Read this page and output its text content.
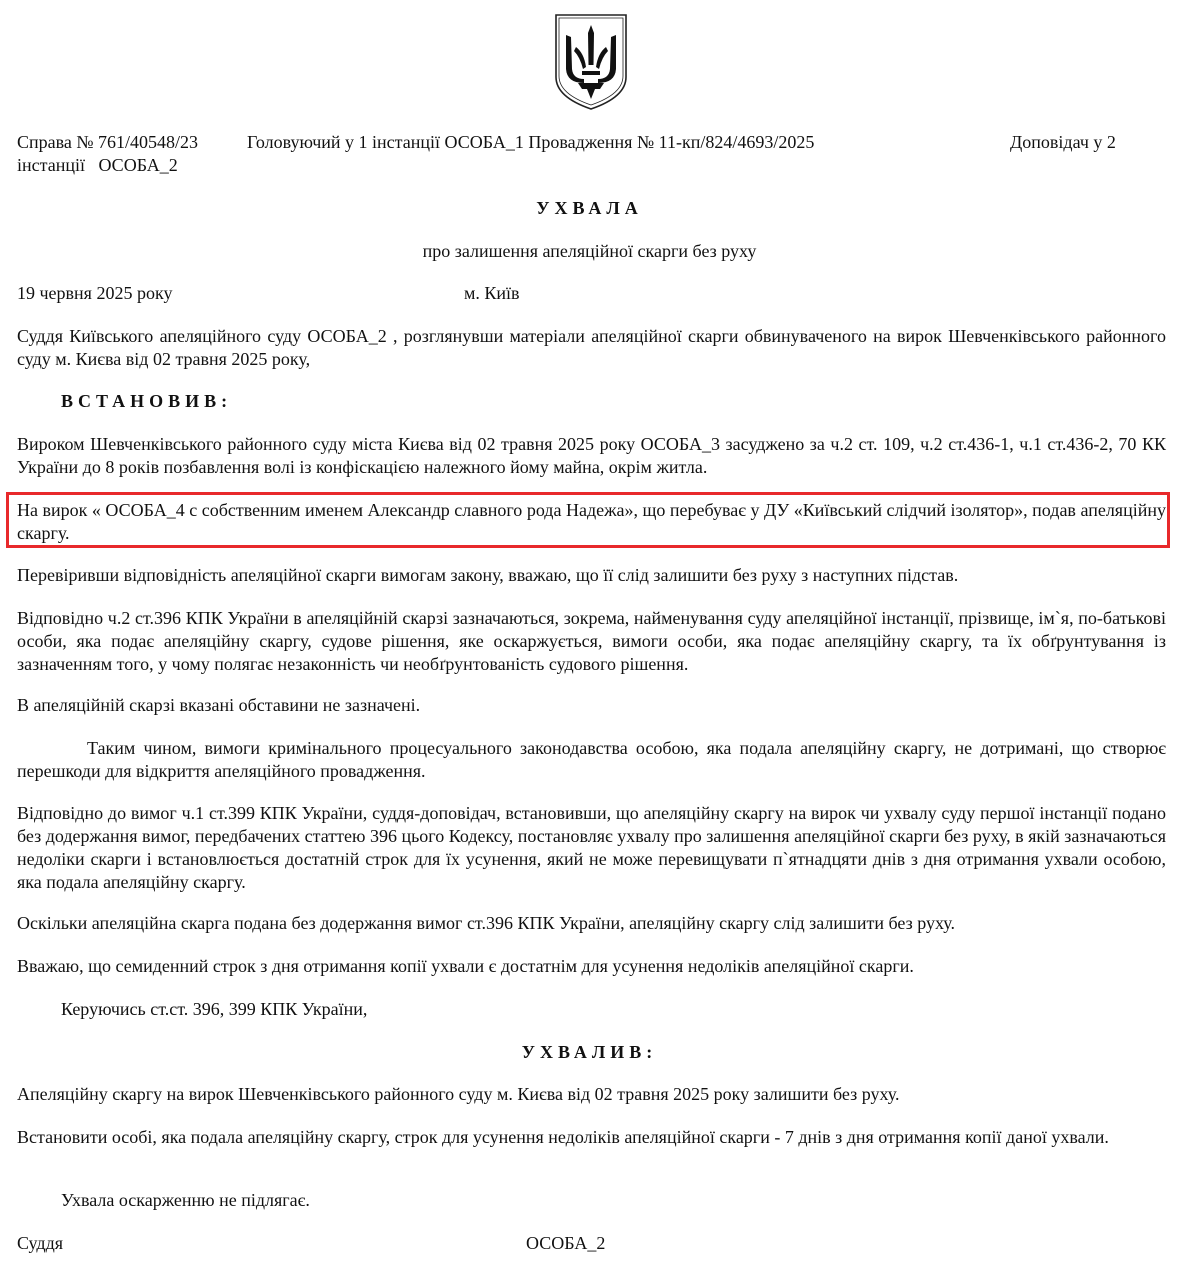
Справа № 761/40548/23	Головуючий у 1 інстанції ОСОБА_1 Провадження № 11-кп/824/4693/2025	Доповідач у 2
інстанції   ОСОБА_2
УХВАЛА
про залишення апеляційної скарги без руху
19 червня 2025 року	м. Київ

Суддя Київського апеляційного суду ОСОБА_2 , розглянувши матеріали апеляційної скарги обвинуваченого на вирок Шевченківського районного суду м. Києва від 02 травня 2025 року,

ВСТАНОВИВ:

Вироком Шевченківського районного суду міста Києва від 02 травня 2025 року ОСОБА_3 засуджено за ч.2 ст. 109, ч.2 ст.436-1, ч.1 ст.436-2, 70 КК України до 8 років позбавлення волі із конфіскацією належного йому майна, окрім житла.

На вирок « ОСОБА_4 с собственним именем Александр славного рода Надежа», що перебуває у ДУ «Київський слідчий ізолятор», подав апеляційну скаргу.

Перевіривши відповідність апеляційної скарги вимогам закону, вважаю, що її слід залишити без руху з наступних підстав.

Відповідно ч.2 ст.396 КПК України в апеляційній скарзі зазначаються, зокрема, найменування суду апеляційної інстанції, прізвище, ім`я, по-батькові особи, яка подає апеляційну скаргу, судове рішення, яке оскаржується, вимоги особи, яка подає апеляційну скаргу, та їх обґрунтування із зазначенням того, у чому полягає незаконність чи необґрунтованість судового рішення.

В апеляційній скарзі вказані обставини не зазначені.

Таким чином, вимоги кримінального процесуального законодавства особою, яка подала апеляційну скаргу, не дотримані, що створює перешкоди для відкриття апеляційного провадження.

Відповідно до вимог ч.1 ст.399 КПК України, суддя-доповідач, встановивши, що апеляційну скаргу на вирок чи ухвалу суду першої інстанції подано без додержання вимог, передбачених статтею 396 цього Кодексу, постановляє ухвалу про залишення апеляційної скарги без руху, в якій зазначаються недоліки скарги і встановлюється достатній строк для їх усунення, який не може перевищувати п`ятнадцяти днів з дня отримання ухвали особою, яка подала апеляційну скаргу.

Оскільки апеляційна скарга подана без додержання вимог ст.396 КПК України, апеляційну скаргу слід залишити без руху.

Вважаю, що семиденний строк з дня отримання копії ухвали є достатнім для усунення недоліків апеляційної скарги.

Керуючись ст.ст. 396, 399 КПК України,
УХВАЛИВ:

Апеляційну скаргу на вирок Шевченківського районного суду м. Києва від 02 травня 2025 року залишити без руху.

Встановити особі, яка подала апеляційну скаргу, строк для усунення недоліків апеляційної скарги - 7 днів з дня отримання копії даної ухвали.

Ухвала оскарженню не підлягає.
Суддя	ОСОБА_2
